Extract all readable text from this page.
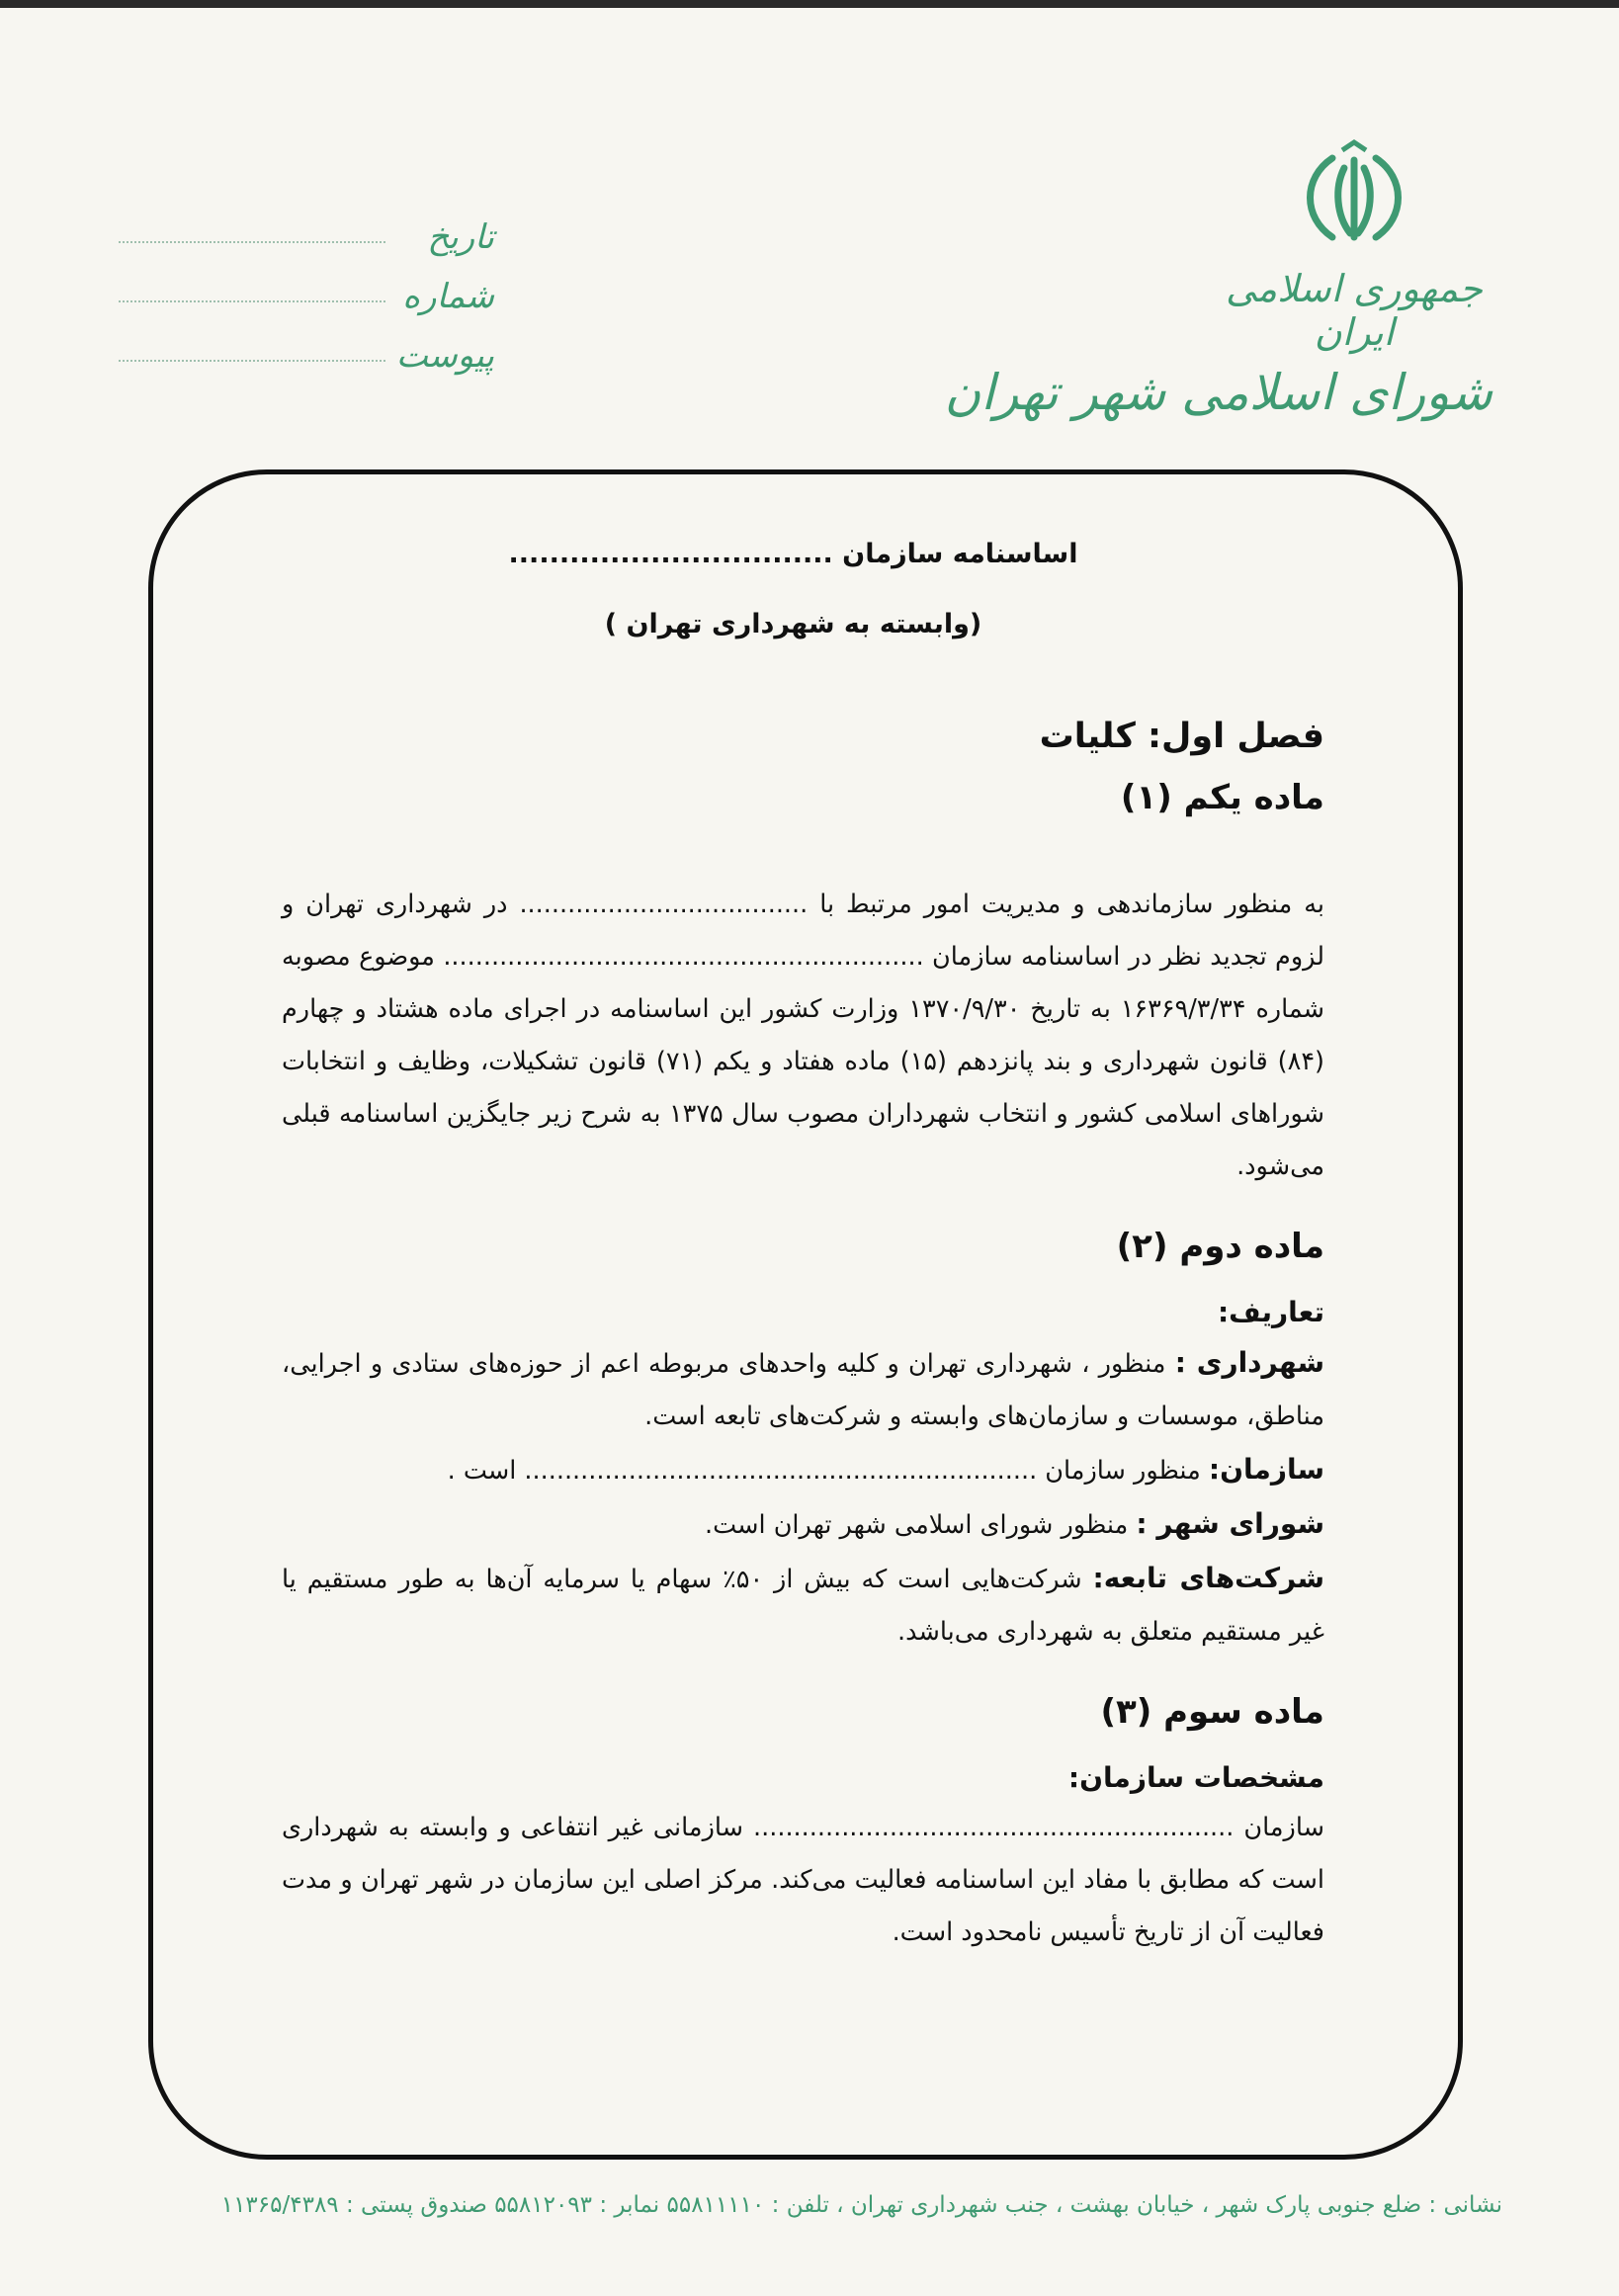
جمهوری اسلامی ایران
شورای اسلامی شهر تهران
تاریخ
شماره
پیوست

اساسنامه سازمان ................................

(وابسته به شهرداری تهران )

فصل اول: کلیات

ماده یکم (۱)

به منظور سازماندهی و مدیریت امور مرتبط با .................................... در شهرداری تهران و لزوم تجدید نظر در اساسنامه سازمان ............................................................ موضوع مصوبه شماره ۱۶۳۶۹/۳/۳۴ به تاریخ ۱۳۷۰/۹/۳۰ وزارت کشور این اساسنامه در اجرای ماده هشتاد و چهارم (۸۴) قانون شهرداری و بند پانزدهم (۱۵) ماده هفتاد و یکم (۷۱) قانون تشکیلات، وظایف و انتخابات شوراهای اسلامی کشور و انتخاب شهرداران مصوب سال ۱۳۷۵ به شرح زیر جایگزین اساسنامه قبلی می‌شود.

ماده دوم (۲)

تعاریف:

شهرداری : منظور ، شهرداری تهران و کلیه واحدهای مربوطه اعم از حوزه‌های ستادی و اجرایی، مناطق، موسسات و سازمان‌های وابسته و شرکت‌های تابعه است.

سازمان: منظور سازمان ................................................................ است .

شورای شهر : منظور شورای اسلامی شهر تهران است.

شرکت‌های تابعه: شرکت‌هایی است که بیش از ۵۰٪ سهام یا سرمایه آن‌ها به طور مستقیم یا غیر مستقیم متعلق به شهرداری می‌باشد.

ماده سوم (۳)

مشخصات سازمان:

سازمان ............................................................ سازمانی غیر انتفاعی و وابسته به شهرداری است که مطابق با مفاد این اساسنامه فعالیت می‌کند. مرکز اصلی این سازمان در شهر تهران و مدت فعالیت آن از تاریخ تأسیس نامحدود است.

نشانی : ضلع جنوبی پارک شهر ، خیابان بهشت ، جنب شهرداری تهران ، تلفن : ۵۵۸۱۱۱۱۰ نمابر : ۵۵۸۱۲۰۹۳ صندوق پستی : ۱۱۳۶۵/۴۳۸۹
